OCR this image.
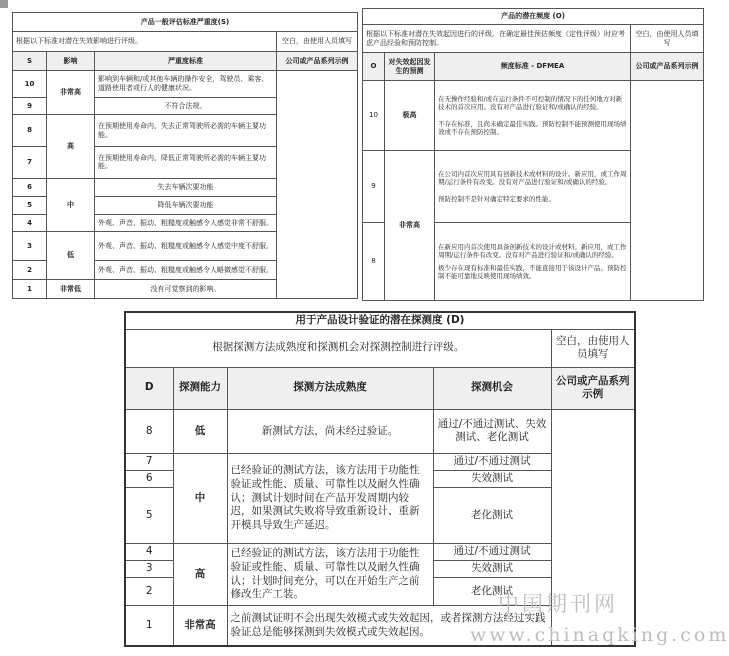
产品一般评估标准严重度(S)			
根据以下标准对潜在失效影响进行评级。			空白，由使用人员填写
S	影响	严重度标准	公司或产品系列示例
10	非常高	影响到车辆和/或其他车辆的操作安全，驾驶员、乘客、道路使用者或行人的健康状况。	
9		不符合法规。	
8	高	在预期使用寿命内，失去正常驾驶所必需的车辆主要功能。	
7		在预期使用寿命内，降低正常驾驶所必需的车辆主要功能。	
6	中	失去车辆次要功能	
5		降低车辆次要功能	
4		外观、声音、振动、粗糙度或触感令人感觉非常不舒服。	
3	低	外观、声音、振动、粗糙度或触感令人感觉中度不舒服。	
2		外观、声音、振动、粗糙度或触感令人略微感觉不舒服。	
1	非常低	没有可觉察到的影响。	
产品的潜在频度 (O)			
根据以下标准对潜在失效起因进行的评级。在确定最佳预估频度（定性评级）时应考虑产品经验和预防控制。			空白，由使用人员填写
O	对失效起因发生的预测	频度标准 - DFMEA	公司或产品系列示例
10	极高	在无操作经验和/或在运行条件不可控制的情况下的任何地方对新技术的首次应用。没有对产品进行验证和/或确认的经验。
不存在标准，且尚未确定最佳实践。预防控制不能预测使用现场绩效或不存在预防控制。	

9	非常高	在公司内首次应用具有创新技术或材料的设计。新应用，或工作周期/运行条件有改变。没有对产品进行验证和/或确认的经验。
预防控制不是针对确定特定要求的性能。	

8		在新应用内首次使用具备创新技术的设计或材料。新应用，或工作周期/运行条件有改变。没有对产品进行验证和/或确认的经验。
极少存在现有标准和最佳实践，不能直接用于该设计产品。预防控制不能可靠地反映使用现场绩效。	
用于产品设计验证的潜在探测度 (D)				
根据探测方法成熟度和探测机会对探测控制进行评级。				空白，由使用人员填写
D	探测能力	探测方法成熟度	探测机会	公司或产品系列示例
8	低	新测试方法，尚未经过验证。	通过/不通过测试、失效测试、老化测试	
7	中	已经验证的测试方法，该方法用于功能性验证或性能、质量、可靠性以及耐久性确认；测试计划时间在产品开发周期内较迟，如果测试失败将导致重新设计、重新开模具导致生产延迟。	通过/不通过测试	
6			失效测试	
5			老化测试	
4	高	已经验证的测试方法，该方法用于功能性验证或性能、质量、可靠性以及耐久性确认；计划时间充分，可以在开始生产之前修改生产工装。	通过/不通过测试	
3			失效测试	
2			老化测试	
1	非常高	之前测试证明不会出现失效模式或失效起因，或者探测方法经过实践验证总是能够探测到失效模式或失效起因。		
中国期刊网
www.chinaqking.com
